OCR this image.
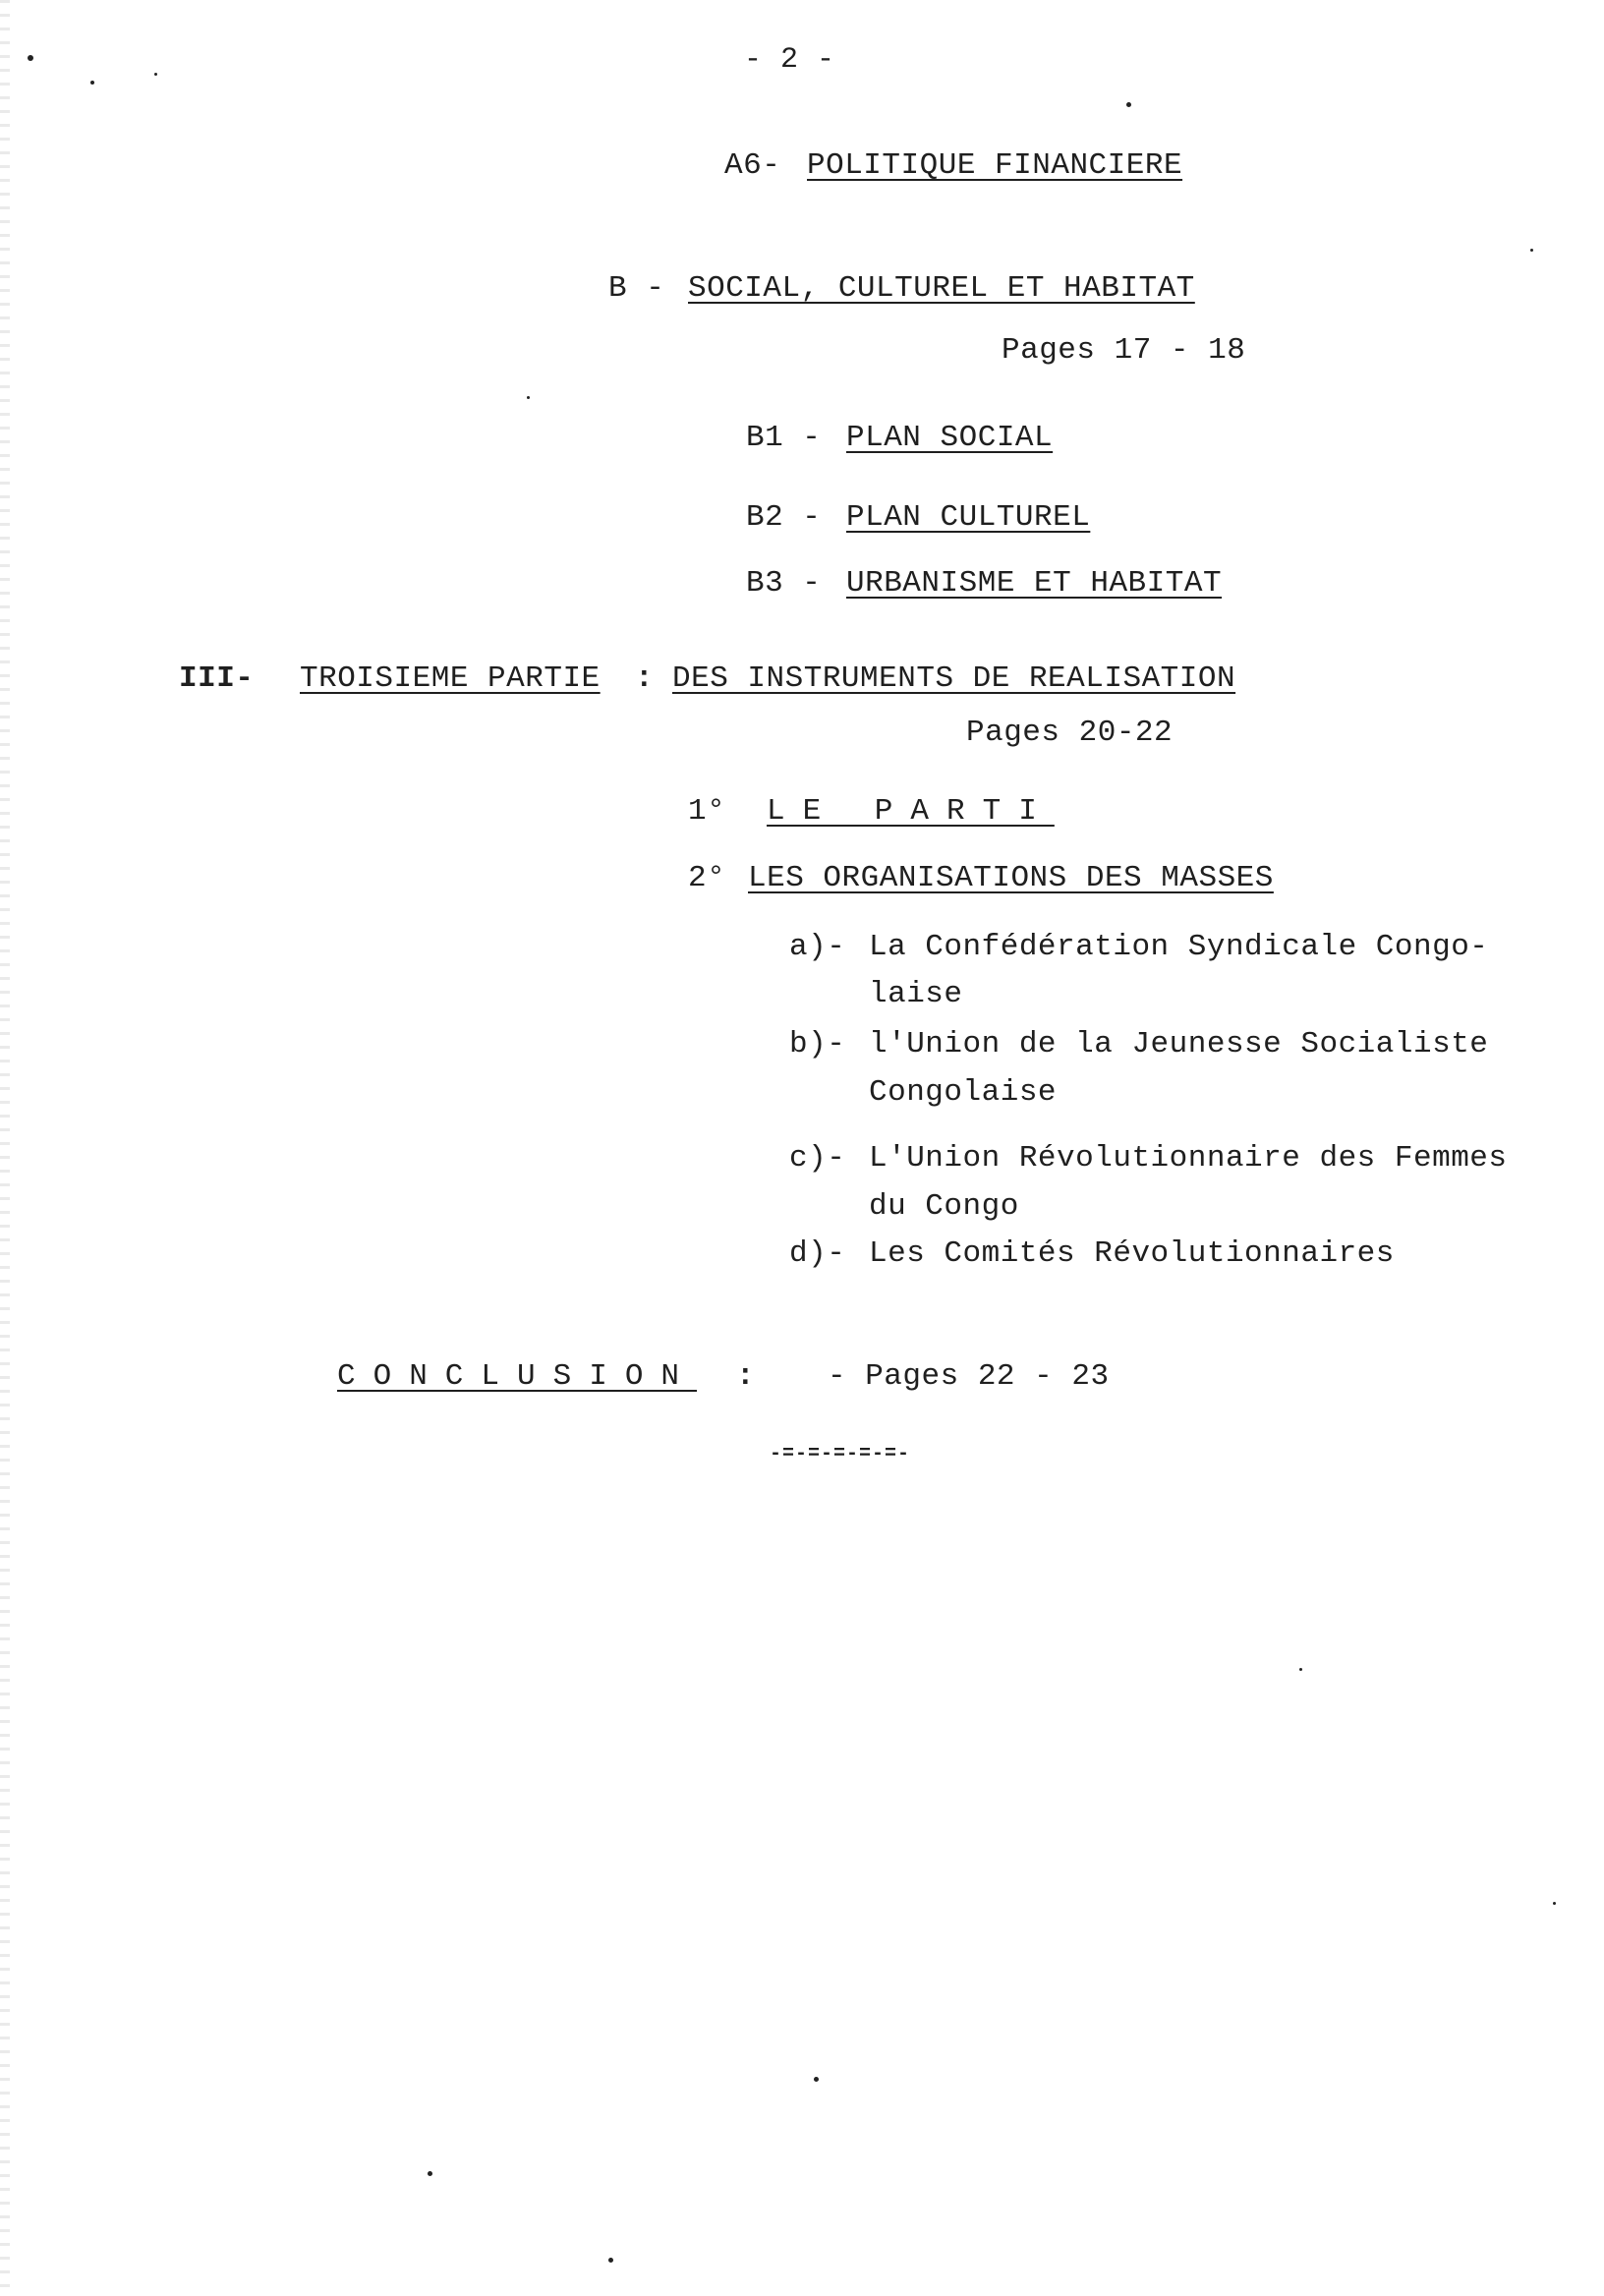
- 2 -
A6- POLITIQUE FINANCIERE
B - SOCIAL, CULTUREL ET HABITAT
Pages 17 - 18
B1 - PLAN SOCIAL
B2 - PLAN CULTUREL
B3 - URBANISME ET HABITAT
III- TROISIEME PARTIE : DES INSTRUMENTS DE REALISATION
Pages 20-22
1° LE PARTI
2° LES ORGANISATIONS DES MASSES
a)- La Confédération Syndicale Congo-
laise
b)- l'Union de la Jeunesse Socialiste
Congolaise
c)- L'Union Révolutionnaire des Femmes
du Congo
d)- Les Comités Révolutionnaires
CONCLUSION : - Pages 22 - 23
-=-=-=-=-=-
